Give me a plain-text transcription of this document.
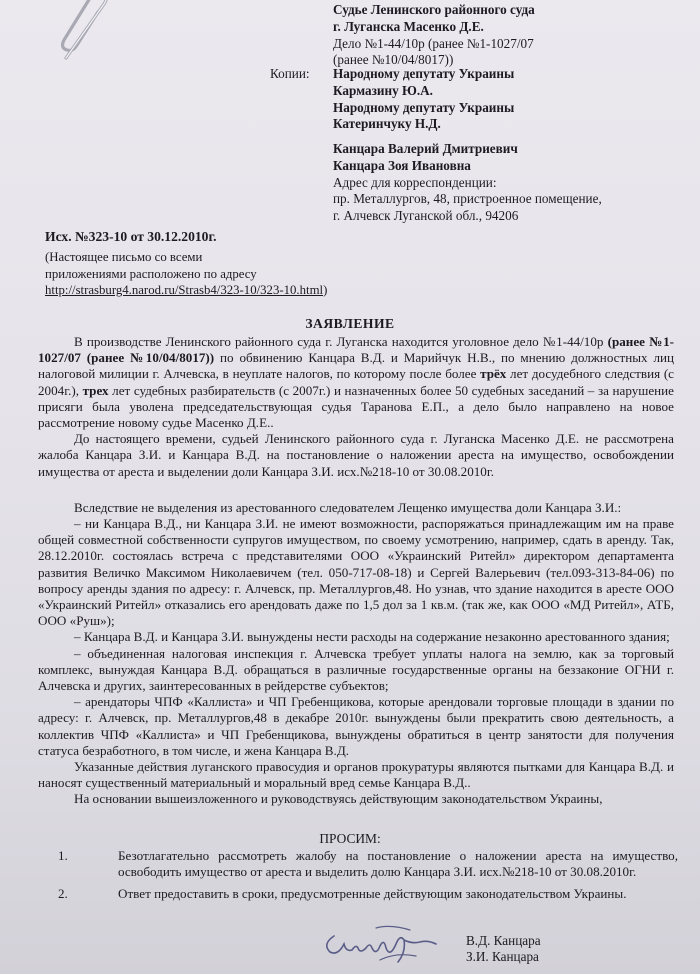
Судье Ленинского районного суда
г. Луганска Масенко Д.Е.
Дело №1-44/10р (ранее №1-1027/07
(ранее №10/04/8017))
Копии: Народному депутату Украины
Кармазину Ю.А.
Народному депутату Украины
Катеринчуку Н.Д.
Канцара Валерий Дмитриевич
Канцара Зоя Ивановна
Адрес для корреспонденции:
пр. Металлургов, 48, пристроенное помещение,
г. Алчевск Луганской обл., 94206
Исх. №323-10 от 30.12.2010г.
(Настоящее письмо со всеми
приложениями расположено по адресу
http://strasburg4.narod.ru/Strasb4/323-10/323-10.html)
ЗАЯВЛЕНИЕ

В производстве Ленинского районного суда г. Луганска находится уголовное дело №1-44/10р (ранее №1-1027/07 (ранее №10/04/8017)) по обвинению Канцара В.Д. и Марийчук Н.В., по мнению должностных лиц налоговой милиции г. Алчевска, в неуплате налогов, по которому после более трёх лет досудебного следствия (с 2004г.), трех лет судебных разбирательств (с 2007г.) и назначенных более 50 судебных заседаний – за нарушение присяги была уволена председательствующая судья Таранова Е.П., а дело было направлено на новое рассмотрение новому судье Масенко Д.Е..

До настоящего времени, судьей Ленинского районного суда г. Луганска Масенко Д.Е. не рассмотрена жалоба Канцара З.И. и Канцара В.Д. на постановление о наложении ареста на имущество, освобождении имущества от ареста и выделении доли Канцара З.И. исх.№218-10 от 30.08.2010г.

Вследствие не выделения из арестованного следователем Лещенко имущества доли Канцара З.И.:

– ни Канцара В.Д., ни Канцара З.И. не имеют возможности, распоряжаться принадлежащим им на праве общей совместной собственности супругов имуществом, по своему усмотрению, например, сдать в аренду. Так, 28.12.2010г. состоялась встреча с представителями ООО «Украинский Ритейл» директором департамента развития Величко Максимом Николаевичем (тел. 050-717-08-18) и Сергей Валерьевич (тел.093-313-84-06) по вопросу аренды здания по адресу: г. Алчевск, пр. Металлургов,48. Но узнав, что здание находится в аресте ООО «Украинский Ритейл» отказались его арендовать даже по 1,5 дол за 1 кв.м. (так же, как ООО «МД Ритейл», АТБ, ООО «Руш»);

– Канцара В.Д. и Канцара З.И. вынуждены нести расходы на содержание незаконно арестованного здания;

– объединенная налоговая инспекция г. Алчевска требует уплаты налога на землю, как за торговый комплекс, вынуждая Канцара В.Д. обращаться в различные государственные органы на беззаконие ОГНИ г. Алчевска и других, заинтересованных в рейдерстве субъектов;

– арендаторы ЧПФ «Каллиста» и ЧП Гребенщикова, которые арендовали торговые площади в здании по адресу: г. Алчевск, пр. Металлургов,48 в декабре 2010г. вынуждены были прекратить свою деятельность, а коллектив ЧПФ «Каллиста» и ЧП Гребенщикова, вынуждены обратиться в центр занятости для получения статуса безработного, в том числе, и жена Канцара В.Д.

Указанные действия луганского правосудия и органов прокуратуры являются пытками для Канцара В.Д. и наносят существенный материальный и моральный вред семье Канцара В.Д..

На основании вышеизложенного и руководствуясь действующим законодательством Украины,

ПРОСИМ:
1.	Безотлагательно рассмотреть жалобу на постановление о наложении ареста на имущество, освободить имущество от ареста и выделить долю Канцара З.И. исх.№218-10 от 30.08.2010г.
2.	Ответ предоставить в сроки, предусмотренные действующим законодательством Украины.
В.Д. Канцара
З.И. Канцара
